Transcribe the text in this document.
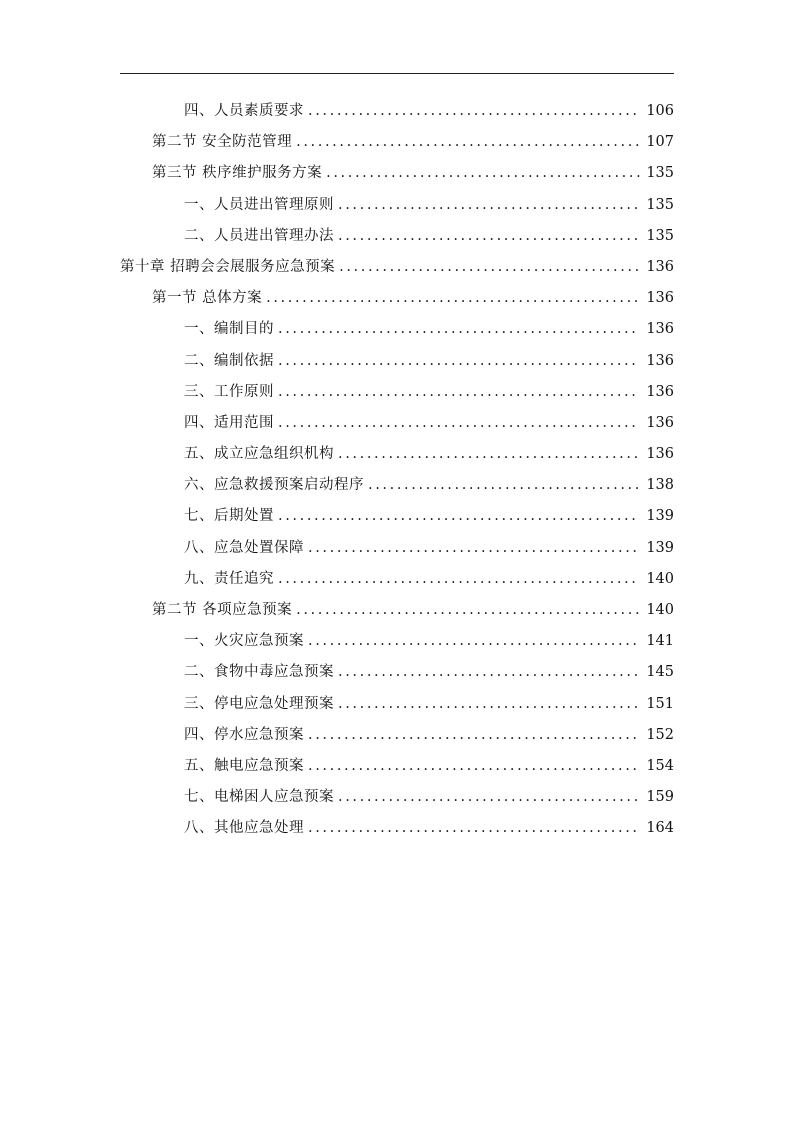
四、人员素质要求 .....	106
第二节 安全防范管理 .....	107
第三节 秩序维护服务方案 .....	135
一、人员进出管理原则 .....	135
二、人员进出管理办法 .....	135
第十章 招聘会会展服务应急预案 .....	136
第一节 总体方案 .....	136
一、编制目的 .....	136
二、编制依据 .....	136
三、工作原则 .....	136
四、适用范围 .....	136
五、成立应急组织机构 .....	136
六、应急救援预案启动程序 .....	138
七、后期处置 .....	139
八、应急处置保障 .....	139
九、责任追究 .....	140
第二节 各项应急预案 .....	140
一、火灾应急预案 .....	141
二、食物中毒应急预案 .....	145
三、停电应急处理预案 .....	151
四、停水应急预案 .....	152
五、触电应急预案 .....	154
七、电梯困人应急预案 .....	159
八、其他应急处理 .....	164
